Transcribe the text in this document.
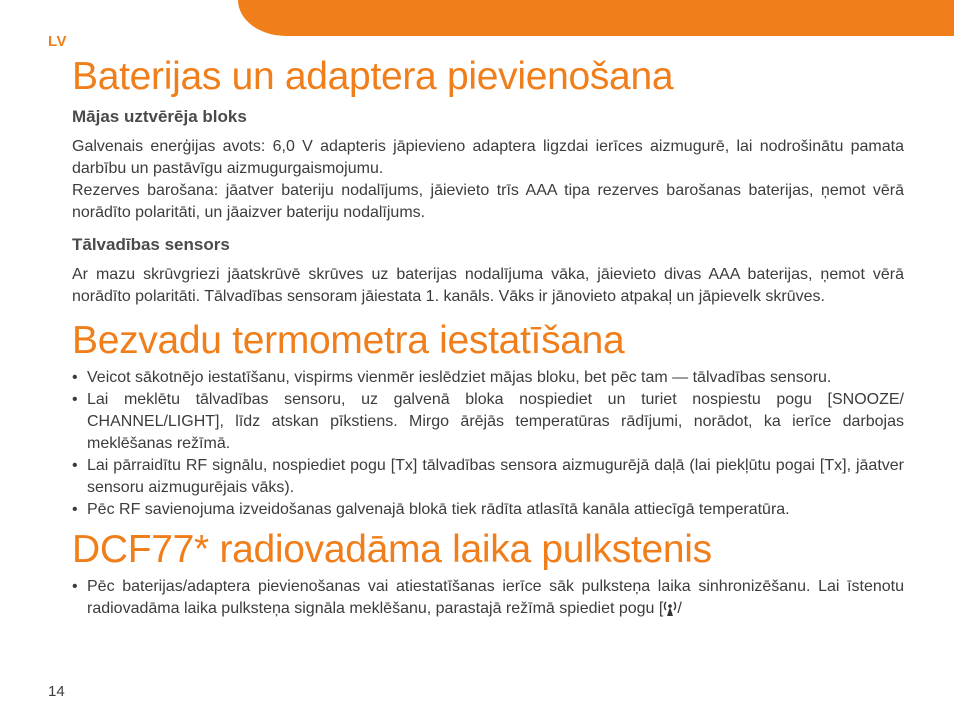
LV
Baterijas un adaptera pievienošana
Mājas uztvērēja bloks

Galvenais enerģijas avots: 6,0 V adapteris jāpievieno adaptera ligzdai ierīces aizmugurē, lai nodrošinātu pamata darbību un pastāvīgu aizmugurgaismojumu.

Rezerves barošana: jāatver bateriju nodalījums, jāievieto trīs AAA tipa rezerves barošanas baterijas, ņemot vērā norādīto polaritāti, un jāaizver bateriju nodalījums.

Tālvadības sensors

Ar mazu skrūvgriezi jāatskrūvē skrūves uz baterijas nodalījuma vāka, jāievieto divas AAA baterijas, ņemot vērā norādīto polaritāti. Tālvadības sensoram jāiestata 1. kanāls. Vāks ir jānovieto atpakaļ un jāpievelk skrūves.

Bezvadu termometra iestatīšana
• Veicot sākotnējo iestatīšanu, vispirms vienmēr ieslēdziet mājas bloku, bet pēc tam — tālvadības sensoru.
• Lai meklētu tālvadības sensoru, uz galvenā bloka nospiediet un turiet nospiestu pogu [SNOOZE/ CHANNEL/LIGHT], līdz atskan pīkstiens. Mirgo ārējās temperatūras rādījumi, norādot, ka ierīce darbojas meklēšanas režīmā.
• Lai pārraidītu RF signālu, nospiediet pogu [Tx] tālvadības sensora aizmugurējā daļā (lai piekļūtu pogai [Tx], jāatver sensoru aizmugurējais vāks).
• Pēc RF savienojuma izveidošanas galvenajā blokā tiek rādīta atlasītā kanāla attiecīgā temperatūra.
DCF77* radiovadāma laika pulkstenis
• Pēc baterijas/adaptera pievienošanas vai atiestatīšanas ierīce sāk pulksteņa laika sinhronizēšanu. Lai īstenotu radiovadāma laika pulksteņa signāla meklēšanu, parastajā režīmā spiediet pogu [ /
14
